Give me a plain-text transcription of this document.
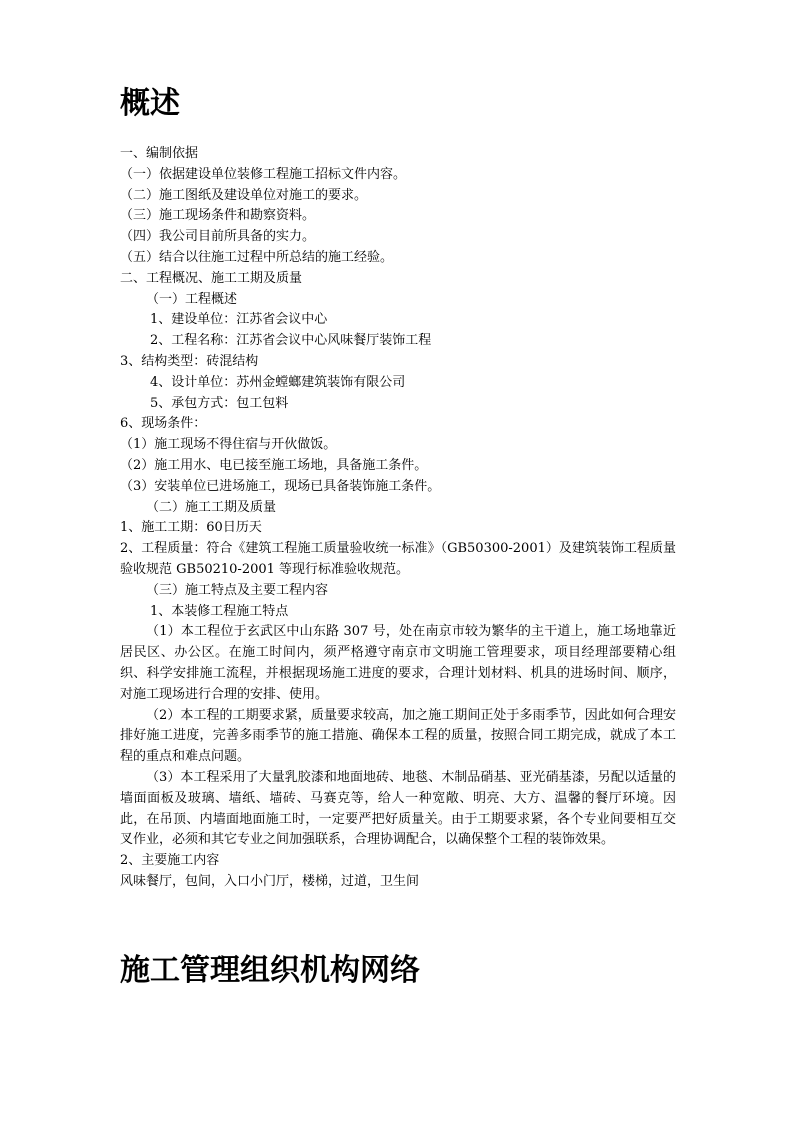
概述
一、编制依据
（一）依据建设单位装修工程施工招标文件内容。
（二）施工图纸及建设单位对施工的要求。
（三）施工现场条件和勘察资料。
（四）我公司目前所具备的实力。
（五）结合以往施工过程中所总结的施工经验。
二、工程概况、施工工期及质量
（一）工程概述
1、建设单位：江苏省会议中心
2、工程名称：江苏省会议中心风味餐厅装饰工程
3、结构类型：砖混结构
4、设计单位：苏州金螳螂建筑装饰有限公司
5、承包方式：包工包料
6、现场条件：
（1）施工现场不得住宿与开伙做饭。
（2）施工用水、电已接至施工场地，具备施工条件。
（3）安装单位已进场施工，现场已具备装饰施工条件。
（二）施工工期及质量
1、施工工期：60日历天
2、工程质量：符合《建筑工程施工质量验收统一标准》（GB50300-2001）及建筑装饰工程质量验收规范 GB50210-2001 等现行标准验收规范。
（三）施工特点及主要工程内容
1、本装修工程施工特点
（1）本工程位于玄武区中山东路 307 号，处在南京市较为繁华的主干道上，施工场地靠近居民区、办公区。在施工时间内，须严格遵守南京市文明施工管理要求，项目经理部要精心组织、科学安排施工流程，并根据现场施工进度的要求，合理计划材料、机具的进场时间、顺序，对施工现场进行合理的安排、使用。
（2）本工程的工期要求紧，质量要求较高，加之施工期间正处于多雨季节，因此如何合理安排好施工进度，完善多雨季节的施工措施、确保本工程的质量，按照合同工期完成，就成了本工程的重点和难点问题。
（3）本工程采用了大量乳胶漆和地面地砖、地毯、木制品硝基、亚光硝基漆，另配以适量的墙面面板及玻璃、墙纸、墙砖、马赛克等，给人一种宽敞、明亮、大方、温馨的餐厅环境。因此，在吊顶、内墙面地面施工时，一定要严把好质量关。由于工期要求紧，各个专业间要相互交叉作业，必须和其它专业之间加强联系，合理协调配合，以确保整个工程的装饰效果。
2、主要施工内容
风味餐厅，包间，入口小门厅，楼梯，过道，卫生间
施工管理组织机构网络
